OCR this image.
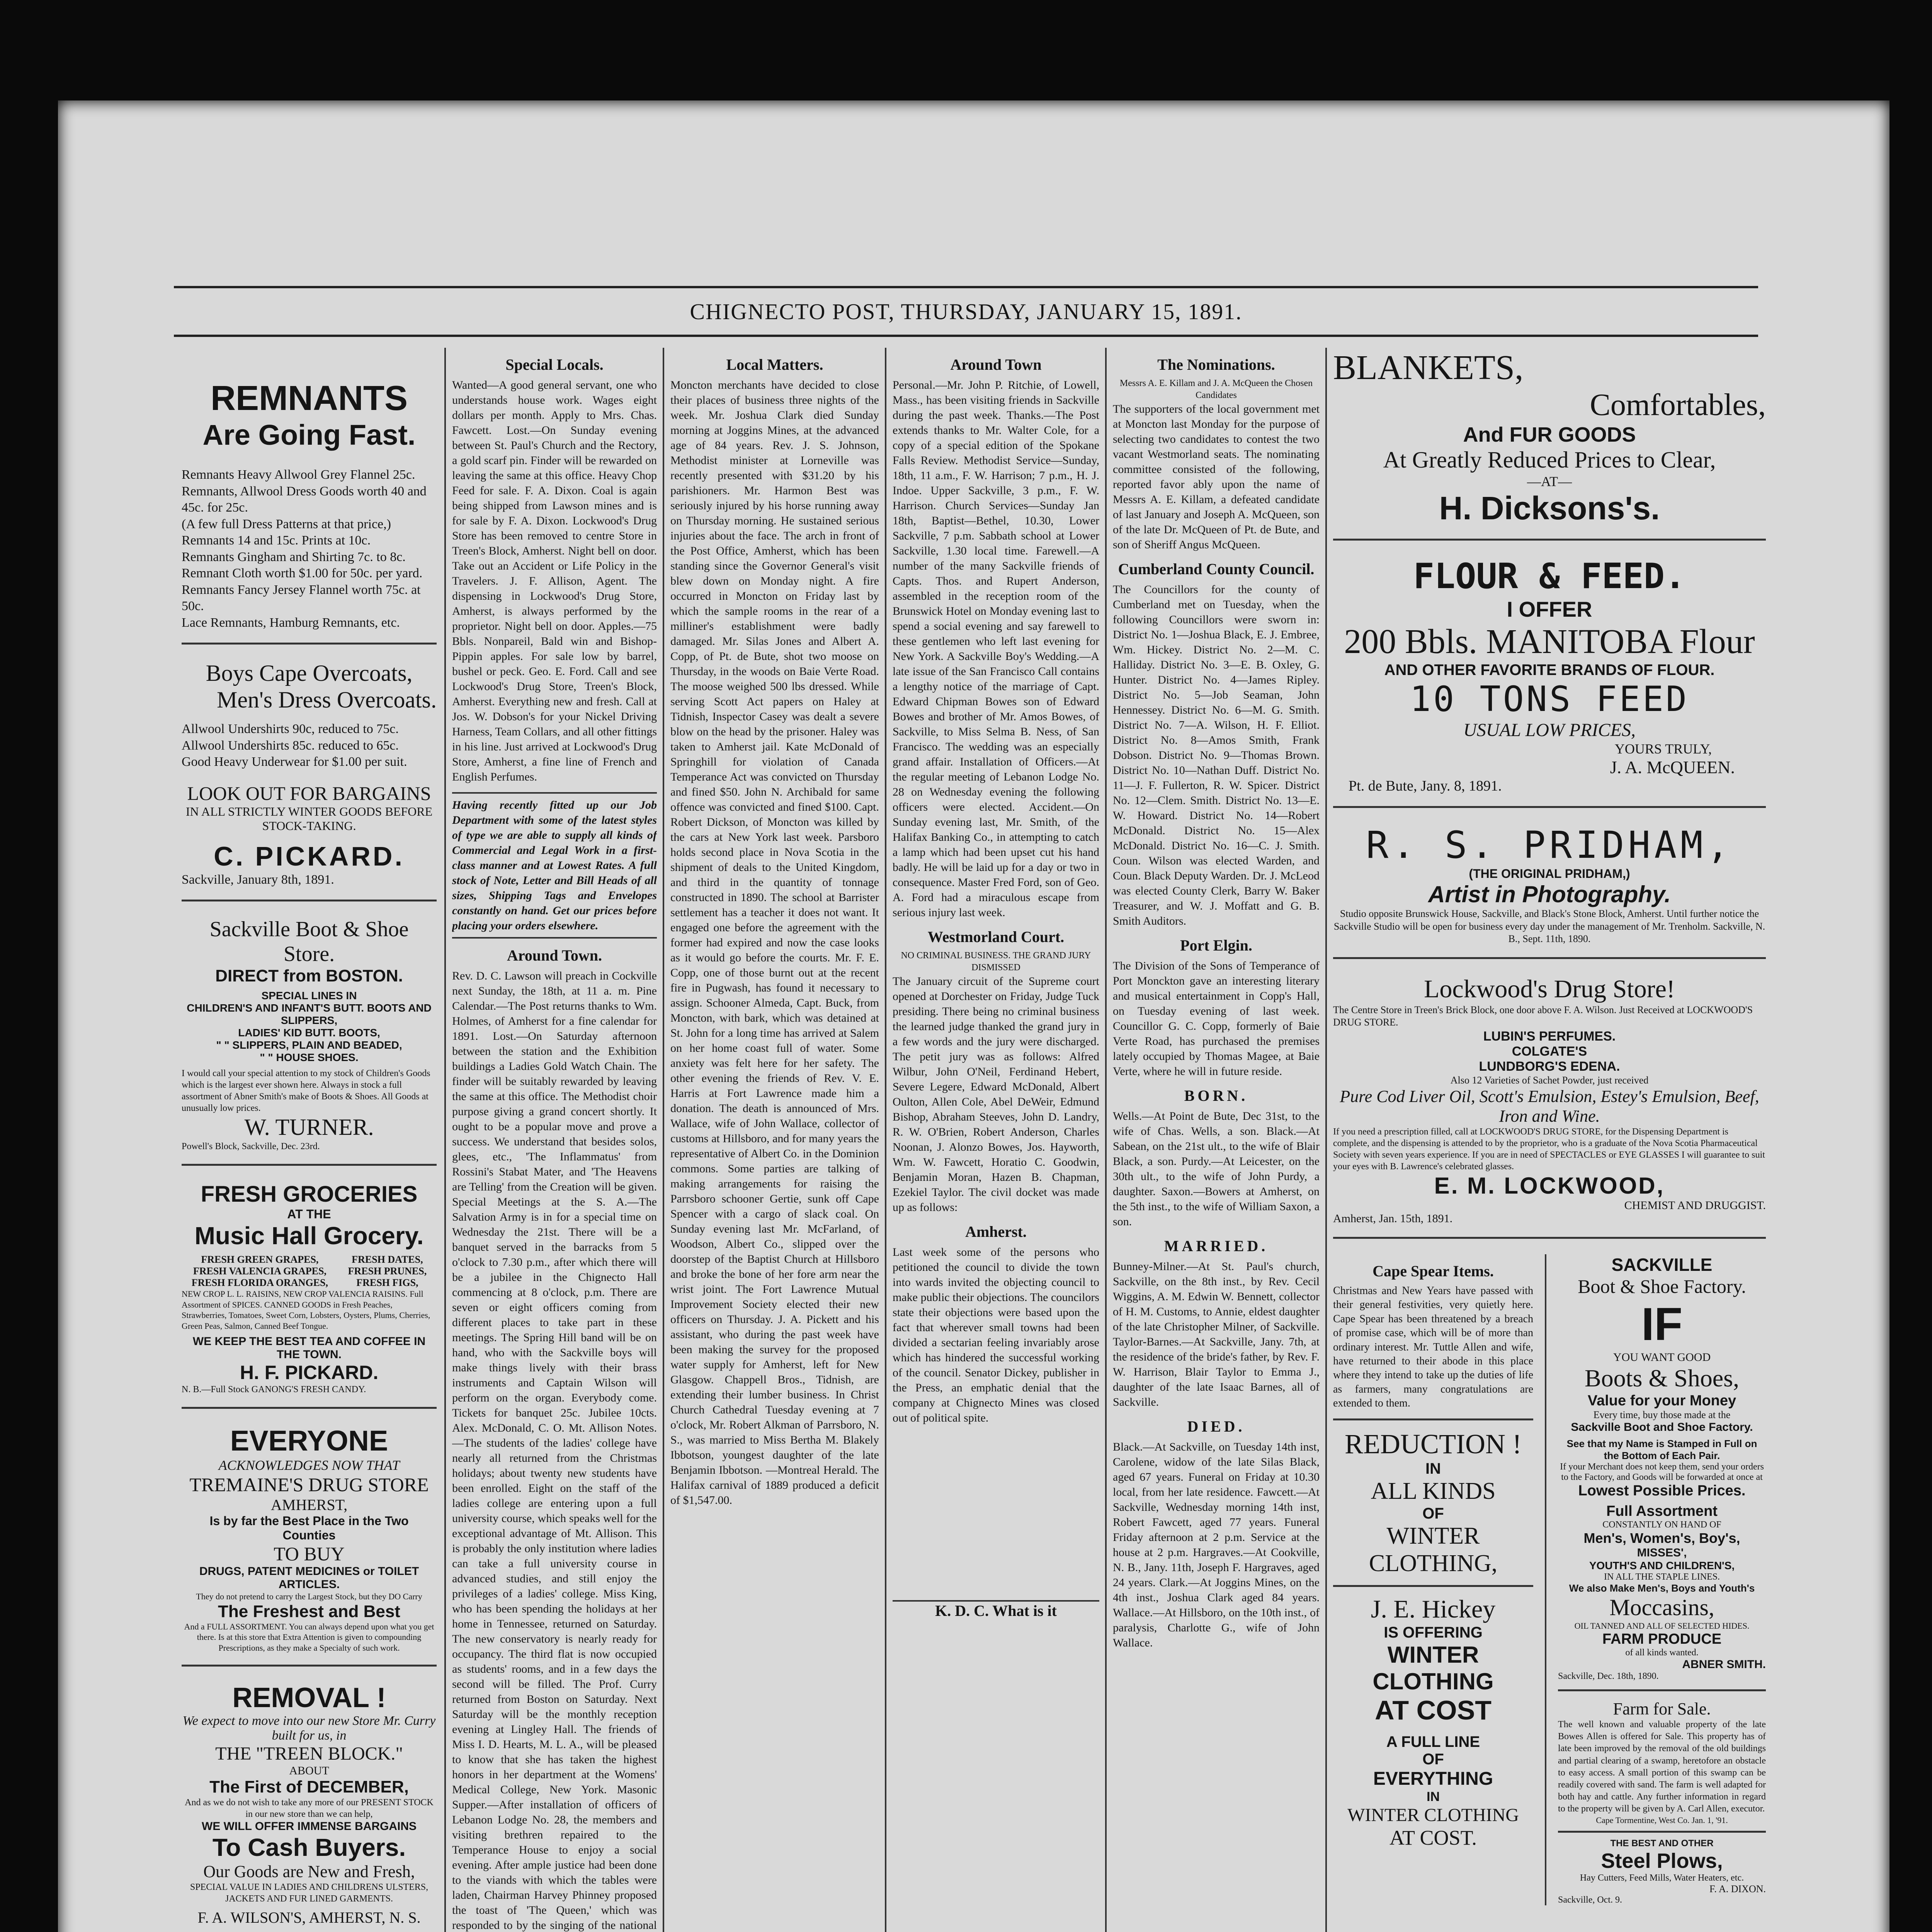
CHIGNECTO POST, THURSDAY, JANUARY 15, 1891.
REMNANTS
Are Going Fast.
Remnants Heavy Allwool Grey Flannel 25c.
Remnants, Allwool Dress Goods worth 40 and 45c. for 25c.
(A few full Dress Patterns at that price,)
Remnants 14 and 15c. Prints at 10c.
Remnants Gingham and Shirting 7c. to 8c.
Remnant Cloth worth $1.00 for 50c. per yard.
Remnants Fancy Jersey Flannel worth 75c. at 50c.
Lace Remnants, Hamburg Remnants, etc.
Boys Cape Overcoats,
Men's Dress Overcoats.
Allwool Undershirts 90c, reduced to 75c.
Allwool Undershirts 85c. reduced to 65c.
Good Heavy Underwear for $1.00 per suit.
LOOK OUT FOR BARGAINS
IN ALL STRICTLY WINTER GOODS BEFORE STOCK-TAKING.
C. PICKARD.
Sackville, January 8th, 1891.
Sackville Boot & Shoe Store.
DIRECT from BOSTON.
SPECIAL LINES IN
CHILDREN'S AND INFANT'S BUTT. BOOTS AND SLIPPERS,
LADIES' KID BUTT. BOOTS,
" " SLIPPERS, PLAIN AND BEADED,
" " HOUSE SHOES.
I would call your special attention to my stock of Children's Goods which is the largest ever shown here. Always in stock a full assortment of Abner Smith's make of Boots & Shoes. All Goods at unusually low prices.
W. TURNER.
Powell's Block, Sackville, Dec. 23rd.
FRESH GROCERIES
AT THE
Music Hall Grocery.
FRESH GREEN GRAPES,
FRESH VALENCIA GRAPES,
FRESH FLORIDA ORANGES,
FRESH DATES,
FRESH PRUNES,
FRESH FIGS,
NEW CROP L. L. RAISINS, NEW CROP VALENCIA RAISINS. Full Assortment of SPICES. CANNED GOODS in Fresh Peaches, Strawberries, Tomatoes, Sweet Corn, Lobsters, Oysters, Plums, Cherries, Green Peas, Salmon, Canned Beef Tongue.
WE KEEP THE BEST TEA AND COFFEE IN THE TOWN.
H. F. PICKARD.
N. B.—Full Stock GANONG'S FRESH CANDY.
EVERYONE
ACKNOWLEDGES NOW THAT
TREMAINE'S DRUG STORE
AMHERST,
Is by far the Best Place in the Two Counties
TO BUY
DRUGS, PATENT MEDICINES or TOILET ARTICLES.
They do not pretend to carry the Largest Stock, but they DO Carry
The Freshest and Best
And a FULL ASSORTMENT. You can always depend upon what you get there. Is at this store that Extra Attention is given to compounding Prescriptions, as they make a Specialty of such work.
REMOVAL !
We expect to move into our new Store Mr. Curry built for us, in
THE "TREEN BLOCK."
ABOUT
The First of DECEMBER,
And as we do not wish to take any more of our PRESENT STOCK in our new store than we can help,
WE WILL OFFER IMMENSE BARGAINS
To Cash Buyers.
Our Goods are New and Fresh,
SPECIAL VALUE IN LADIES AND CHILDRENS ULSTERS, JACKETS AND FUR LINED GARMENTS.
F. A. WILSON'S, AMHERST, N. S.
Special Locals.
Wanted—A good general servant, one who understands house work. Wages eight dollars per month. Apply to Mrs. Chas. Fawcett. Lost.—On Sunday evening between St. Paul's Church and the Rectory, a gold scarf pin. Finder will be rewarded on leaving the same at this office. Heavy Chop Feed for sale. F. A. Dixon. Coal is again being shipped from Lawson mines and is for sale by F. A. Dixon. Lockwood's Drug Store has been removed to centre Store in Treen's Block, Amherst. Night bell on door. Take out an Accident or Life Policy in the Travelers. J. F. Allison, Agent. The dispensing in Lockwood's Drug Store, Amherst, is always performed by the proprietor. Night bell on door. Apples.—75 Bbls. Nonpareil, Bald win and Bishop-Pippin apples. For sale low by barrel, bushel or peck. Geo. E. Ford. Call and see Lockwood's Drug Store, Treen's Block, Amherst. Everything new and fresh. Call at Jos. W. Dobson's for your Nickel Driving Harness, Team Collars, and all other fittings in his line. Just arrived at Lockwood's Drug Store, Amherst, a fine line of French and English Perfumes.
Having recently fitted up our Job Department with some of the latest styles of type we are able to supply all kinds of Commercial and Legal Work in a first-class manner and at Lowest Rates. A full stock of Note, Letter and Bill Heads of all sizes, Shipping Tags and Envelopes constantly on hand. Get our prices before placing your orders elsewhere.
Around Town.
Rev. D. C. Lawson will preach in Cockville next Sunday, the 18th, at 11 a. m. Pine Calendar.—The Post returns thanks to Wm. Holmes, of Amherst for a fine calendar for 1891. Lost.—On Saturday afternoon between the station and the Exhibition buildings a Ladies Gold Watch Chain. The finder will be suitably rewarded by leaving the same at this office. The Methodist choir purpose giving a grand concert shortly. It ought to be a popular move and prove a success. We understand that besides solos, glees, etc., 'The Inflammatus' from Rossini's Stabat Mater, and 'The Heavens are Telling' from the Creation will be given. Special Meetings at the S. A.—The Salvation Army is in for a special time on Wednesday the 21st. There will be a banquet served in the barracks from 5 o'clock to 7.30 p.m., after which there will be a jubilee in the Chignecto Hall commencing at 8 o'clock, p.m. There are seven or eight officers coming from different places to take part in these meetings. The Spring Hill band will be on hand, who with the Sackville boys will make things lively with their brass instruments and Captain Wilson will perform on the organ. Everybody come. Tickets for banquet 25c. Jubilee 10cts. Alex. McDonald, C. O. Mt. Allison Notes.—The students of the ladies' college have nearly all returned from the Christmas holidays; about twenty new students have been enrolled. Eight on the staff of the ladies college are entering upon a full university course, which speaks well for the exceptional advantage of Mt. Allison. This is probably the only institution where ladies can take a full university course in advanced studies, and still enjoy the privileges of a ladies' college. Miss King, who has been spending the holidays at her home in Tennessee, returned on Saturday. The new conservatory is nearly ready for occupancy. The third flat is now occupied as students' rooms, and in a few days the second will be filled. The Prof. Curry returned from Boston on Saturday. Next Saturday will be the monthly reception evening at Lingley Hall. The friends of Miss I. D. Hearts, M. L. A., will be pleased to know that she has taken the highest honors in her department at the Womens' Medical College, New York. Masonic Supper.—After installation of officers of Lebanon Lodge No. 28, the members and visiting brethren repaired to the Temperance House to enjoy a social evening. After ample justice had been done to the viands with which the tables were laden, Chairman Harvey Phinney proposed the toast of 'The Queen,' which was responded to by the singing of the national
Local Matters.
Moncton merchants have decided to close their places of business three nights of the week. Mr. Joshua Clark died Sunday morning at Joggins Mines, at the advanced age of 84 years. Rev. J. S. Johnson, Methodist minister at Lorneville was recently presented with $31.20 by his parishioners. Mr. Harmon Best was seriously injured by his horse running away on Thursday morning. He sustained serious injuries about the face. The arch in front of the Post Office, Amherst, which has been standing since the Governor General's visit blew down on Monday night. A fire occurred in Moncton on Friday last by which the sample rooms in the rear of a milliner's establishment were badly damaged. Mr. Silas Jones and Albert A. Copp, of Pt. de Bute, shot two moose on Thursday, in the woods on Baie Verte Road. The moose weighed 500 lbs dressed. While serving Scott Act papers on Haley at Tidnish, Inspector Casey was dealt a severe blow on the head by the prisoner. Haley was taken to Amherst jail. Kate McDonald of Springhill for violation of Canada Temperance Act was convicted on Thursday and fined $50. John N. Archibald for same offence was convicted and fined $100. Capt. Robert Dickson, of Moncton was killed by the cars at New York last week. Parsboro holds second place in Nova Scotia in the shipment of deals to the United Kingdom, and third in the quantity of tonnage constructed in 1890. The school at Barrister settlement has a teacher it does not want. It engaged one before the agreement with the former had expired and now the case looks as it would go before the courts. Mr. F. E. Copp, one of those burnt out at the recent fire in Pugwash, has found it necessary to assign. Schooner Almeda, Capt. Buck, from Moncton, with bark, which was detained at St. John for a long time has arrived at Salem on her home coast full of water. Some anxiety was felt here for her safety. The other evening the friends of Rev. V. E. Harris at Fort Lawrence made him a donation. The death is announced of Mrs. Wallace, wife of John Wallace, collector of customs at Hillsboro, and for many years the representative of Albert Co. in the Dominion commons. Some parties are talking of making arrangements for raising the Parrsboro schooner Gertie, sunk off Cape Spencer with a cargo of slack coal. On Sunday evening last Mr. McFarland, of Woodson, Albert Co., slipped over the doorstep of the Baptist Church at Hillsboro and broke the bone of her fore arm near the wrist joint. The Fort Lawrence Mutual Improvement Society elected their new officers on Thursday. J. A. Pickett and his assistant, who during the past week have been making the survey for the proposed water supply for Amherst, left for New Glasgow. Chappell Bros., Tidnish, are extending their lumber business. In Christ Church Cathedral Tuesday evening at 7 o'clock, Mr. Robert Alkman of Parrsboro, N. S., was married to Miss Bertha M. Blakely Ibbotson, youngest daughter of the late Benjamin Ibbotson. —Montreal Herald. The Halifax carnival of 1889 produced a deficit of $1,547.00.
Around Town
Personal.—Mr. John P. Ritchie, of Lowell, Mass., has been visiting friends in Sackville during the past week. Thanks.—The Post extends thanks to Mr. Walter Cole, for a copy of a special edition of the Spokane Falls Review. Methodist Service—Sunday, 18th, 11 a.m., F. W. Harrison; 7 p.m., H. J. Indoe. Upper Sackville, 3 p.m., F. W. Harrison. Church Services—Sunday Jan 18th, Baptist—Bethel, 10.30, Lower Sackville, 7 p.m. Sabbath school at Lower Sackville, 1.30 local time. Farewell.—A number of the many Sackville friends of Capts. Thos. and Rupert Anderson, assembled in the reception room of the Brunswick Hotel on Monday evening last to spend a social evening and say farewell to these gentlemen who left last evening for New York. A Sackville Boy's Wedding.—A late issue of the San Francisco Call contains a lengthy notice of the marriage of Capt. Edward Chipman Bowes son of Edward Bowes and brother of Mr. Amos Bowes, of Sackville, to Miss Selma B. Ness, of San Francisco. The wedding was an especially grand affair. Installation of Officers.—At the regular meeting of Lebanon Lodge No. 28 on Wednesday evening the following officers were elected. Accident.—On Sunday evening last, Mr. Smith, of the Halifax Banking Co., in attempting to catch a lamp which had been upset cut his hand badly. He will be laid up for a day or two in consequence. Master Fred Ford, son of Geo. A. Ford had a miraculous escape from serious injury last week.
Westmorland Court.
NO CRIMINAL BUSINESS. THE GRAND JURY DISMISSED
The January circuit of the Supreme court opened at Dorchester on Friday, Judge Tuck presiding. There being no criminal business the learned judge thanked the grand jury in a few words and the jury were discharged. The petit jury was as follows: Alfred Wilbur, John O'Neil, Ferdinand Hebert, Severe Legere, Edward McDonald, Albert Oulton, Allen Cole, Abel DeWeir, Edmund Bishop, Abraham Steeves, John D. Landry, R. W. O'Brien, Robert Anderson, Charles Noonan, J. Alonzo Bowes, Jos. Hayworth, Wm. W. Fawcett, Horatio C. Goodwin, Benjamin Moran, Hazen B. Chapman, Ezekiel Taylor. The civil docket was made up as follows:
Amherst.
Last week some of the persons who petitioned the council to divide the town into wards invited the objecting council to make public their objections. The councilors state their objections were based upon the fact that wherever small towns had been divided a sectarian feeling invariably arose which has hindered the successful working of the council. Senator Dickey, publisher in the Press, an emphatic denial that the company at Chignecto Mines was closed out of political spite.
K. D. C. What is it
The Nominations.
Messrs A. E. Killam and J. A. McQueen the Chosen Candidates
The supporters of the local government met at Moncton last Monday for the purpose of selecting two candidates to contest the two vacant Westmorland seats. The nominating committee consisted of the following, reported favor ably upon the name of Messrs A. E. Killam, a defeated candidate of last January and Joseph A. McQueen, son of the late Dr. McQueen of Pt. de Bute, and son of Sheriff Angus McQueen.
Cumberland County Council.
The Councillors for the county of Cumberland met on Tuesday, when the following Councillors were sworn in: District No. 1—Joshua Black, E. J. Embree, Wm. Hickey. District No. 2—M. C. Halliday. District No. 3—E. B. Oxley, G. Hunter. District No. 4—James Ripley. District No. 5—Job Seaman, John Hennessey. District No. 6—M. G. Smith. District No. 7—A. Wilson, H. F. Elliot. District No. 8—Amos Smith, Frank Dobson. District No. 9—Thomas Brown. District No. 10—Nathan Duff. District No. 11—J. F. Fullerton, R. W. Spicer. District No. 12—Clem. Smith. District No. 13—E. W. Howard. District No. 14—Robert McDonald. District No. 15—Alex McDonald. District No. 16—C. J. Smith. Coun. Wilson was elected Warden, and Coun. Black Deputy Warden. Dr. J. McLeod was elected County Clerk, Barry W. Baker Treasurer, and W. J. Moffatt and G. B. Smith Auditors.
Port Elgin.
The Division of the Sons of Temperance of Port Monckton gave an interesting literary and musical entertainment in Copp's Hall, on Tuesday evening of last week. Councillor G. C. Copp, formerly of Baie Verte Road, has purchased the premises lately occupied by Thomas Magee, at Baie Verte, where he will in future reside.
BORN.
Wells.—At Point de Bute, Dec 31st, to the wife of Chas. Wells, a son. Black.—At Sabean, on the 21st ult., to the wife of Blair Black, a son. Purdy.—At Leicester, on the 30th ult., to the wife of John Purdy, a daughter. Saxon.—Bowers at Amherst, on the 5th inst., to the wife of William Saxon, a son.
MARRIED.
Bunney-Milner.—At St. Paul's church, Sackville, on the 8th inst., by Rev. Cecil Wiggins, A. M. Edwin W. Bennett, collector of H. M. Customs, to Annie, eldest daughter of the late Christopher Milner, of Sackville. Taylor-Barnes.—At Sackville, Jany. 7th, at the residence of the bride's father, by Rev. F. W. Harrison, Blair Taylor to Emma J., daughter of the late Isaac Barnes, all of Sackville.
DIED.
Black.—At Sackville, on Tuesday 14th inst, Carolene, widow of the late Silas Black, aged 67 years. Funeral on Friday at 10.30 local, from her late residence. Fawcett.—At Sackville, Wednesday morning 14th inst, Robert Fawcett, aged 77 years. Funeral Friday afternoon at 2 p.m. Service at the house at 2 p.m. Hargraves.—At Cookville, N. B., Jany. 11th, Joseph F. Hargraves, aged 24 years. Clark.—At Joggins Mines, on the 4th inst., Joshua Clark aged 84 years. Wallace.—At Hillsboro, on the 10th inst., of paralysis, Charlotte G., wife of John Wallace.
BLANKETS,
Comfortables,
And FUR GOODS
At Greatly Reduced Prices to Clear,
—AT—
H. Dicksons's.
FLOUR & FEED.
I OFFER
200 Bbls. MANITOBA Flour
AND OTHER FAVORITE BRANDS OF FLOUR.
10 TONS FEED
USUAL LOW PRICES,
YOURS TRULY,
J. A. McQUEEN.
Pt. de Bute, Jany. 8, 1891.
R. S. PRIDHAM,
(THE ORIGINAL PRIDHAM,)
Artist in Photography.
Studio opposite Brunswick House, Sackville, and Black's Stone Block, Amherst. Until further notice the Sackville Studio will be open for business every day under the management of Mr. Trenholm. Sackville, N. B., Sept. 11th, 1890.
Lockwood's Drug Store!
The Centre Store in Treen's Brick Block, one door above F. A. Wilson. Just Received at LOCKWOOD'S DRUG STORE.
LUBIN'S PERFUMES.
COLGATE'S
LUNDBORG'S EDENA.
Also 12 Varieties of Sachet Powder, just received
Pure Cod Liver Oil, Scott's Emulsion, Estey's Emulsion, Beef, Iron and Wine.
If you need a prescription filled, call at LOCKWOOD'S DRUG STORE, for the Dispensing Department is complete, and the dispensing is attended to by the proprietor, who is a graduate of the Nova Scotia Pharmaceutical Society with seven years experience. If you are in need of SPECTACLES or EYE GLASSES I will guarantee to suit your eyes with B. Lawrence's celebrated glasses.
E. M. LOCKWOOD,
CHEMIST AND DRUGGIST.
Amherst, Jan. 15th, 1891.
Cape Spear Items.
Christmas and New Years have passed with their general festivities, very quietly here. Cape Spear has been threatened by a breach of promise case, which will be of more than ordinary interest. Mr. Tuttle Allen and wife, have returned to their abode in this place where they intend to take up the duties of life as farmers, many congratulations are extended to them.
REDUCTION !
IN
ALL KINDS
OF
WINTER
CLOTHING,
J. E. Hickey
IS OFFERING
WINTER
CLOTHING
AT COST
A FULL LINE
OF
EVERYTHING
IN
WINTER CLOTHING
AT COST.
SACKVILLE
Boot & Shoe Factory.
IF
YOU WANT GOOD
Boots & Shoes,
Value for your Money
Every time, buy those made at the
Sackville Boot and Shoe Factory.
See that my Name is Stamped in Full on the Bottom of Each Pair.
If your Merchant does not keep them, send your orders to the Factory, and Goods will be forwarded at once at
Lowest Possible Prices.
Full Assortment
CONSTANTLY ON HAND OF
Men's, Women's, Boy's,
MISSES',
YOUTH'S AND CHILDREN'S,
IN ALL THE STAPLE LINES.
We also Make Men's, Boys and Youth's
Moccasins,
OIL TANNED AND ALL OF SELECTED HIDES.
FARM PRODUCE
of all kinds wanted.
ABNER SMITH.
Sackville, Dec. 18th, 1890.
Farm for Sale.
The well known and valuable property of the late Bowes Allen is offered for Sale. This property has of late been improved by the removal of the old buildings and partial clearing of a swamp, heretofore an obstacle to easy access. A small portion of this swamp can be readily covered with sand. The farm is well adapted for both hay and cattle. Any further information in regard to the property will be given by A. Carl Allen, executor.
Cape Tormentine, West Co. Jan. 1, '91.
THE BEST AND OTHER
Steel Plows,
Hay Cutters, Feed Mills, Water Heaters, etc.
F. A. DIXON.
Sackville, Oct. 9.
